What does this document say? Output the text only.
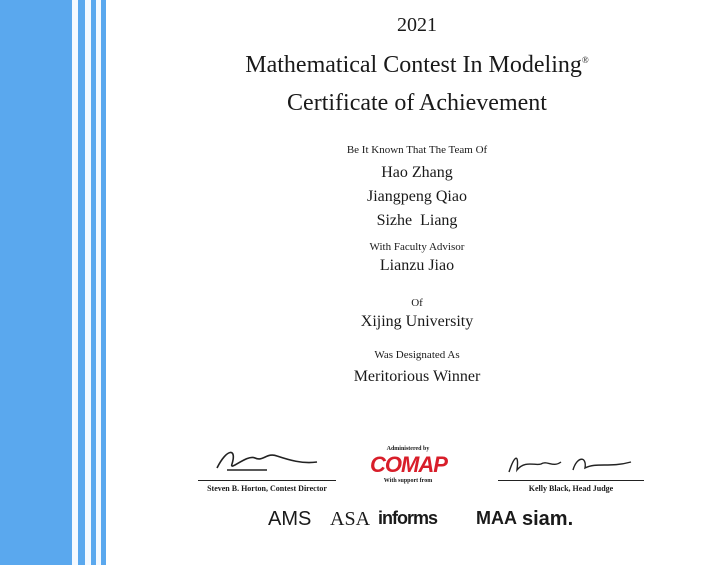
2021
Mathematical Contest In Modeling®
Certificate of Achievement
Be It Known That The Team Of
Hao Zhang
Jiangpeng Qiao
Sizhe  Liang
With Faculty Advisor
Lianzu Jiao
Of
Xijing University
Was Designated As
Meritorious Winner
Steven B. Horton, Contest Director
Administered by
COMAP
With support from
Kelly Black, Head Judge
AMS ASA informs MAA siam.
